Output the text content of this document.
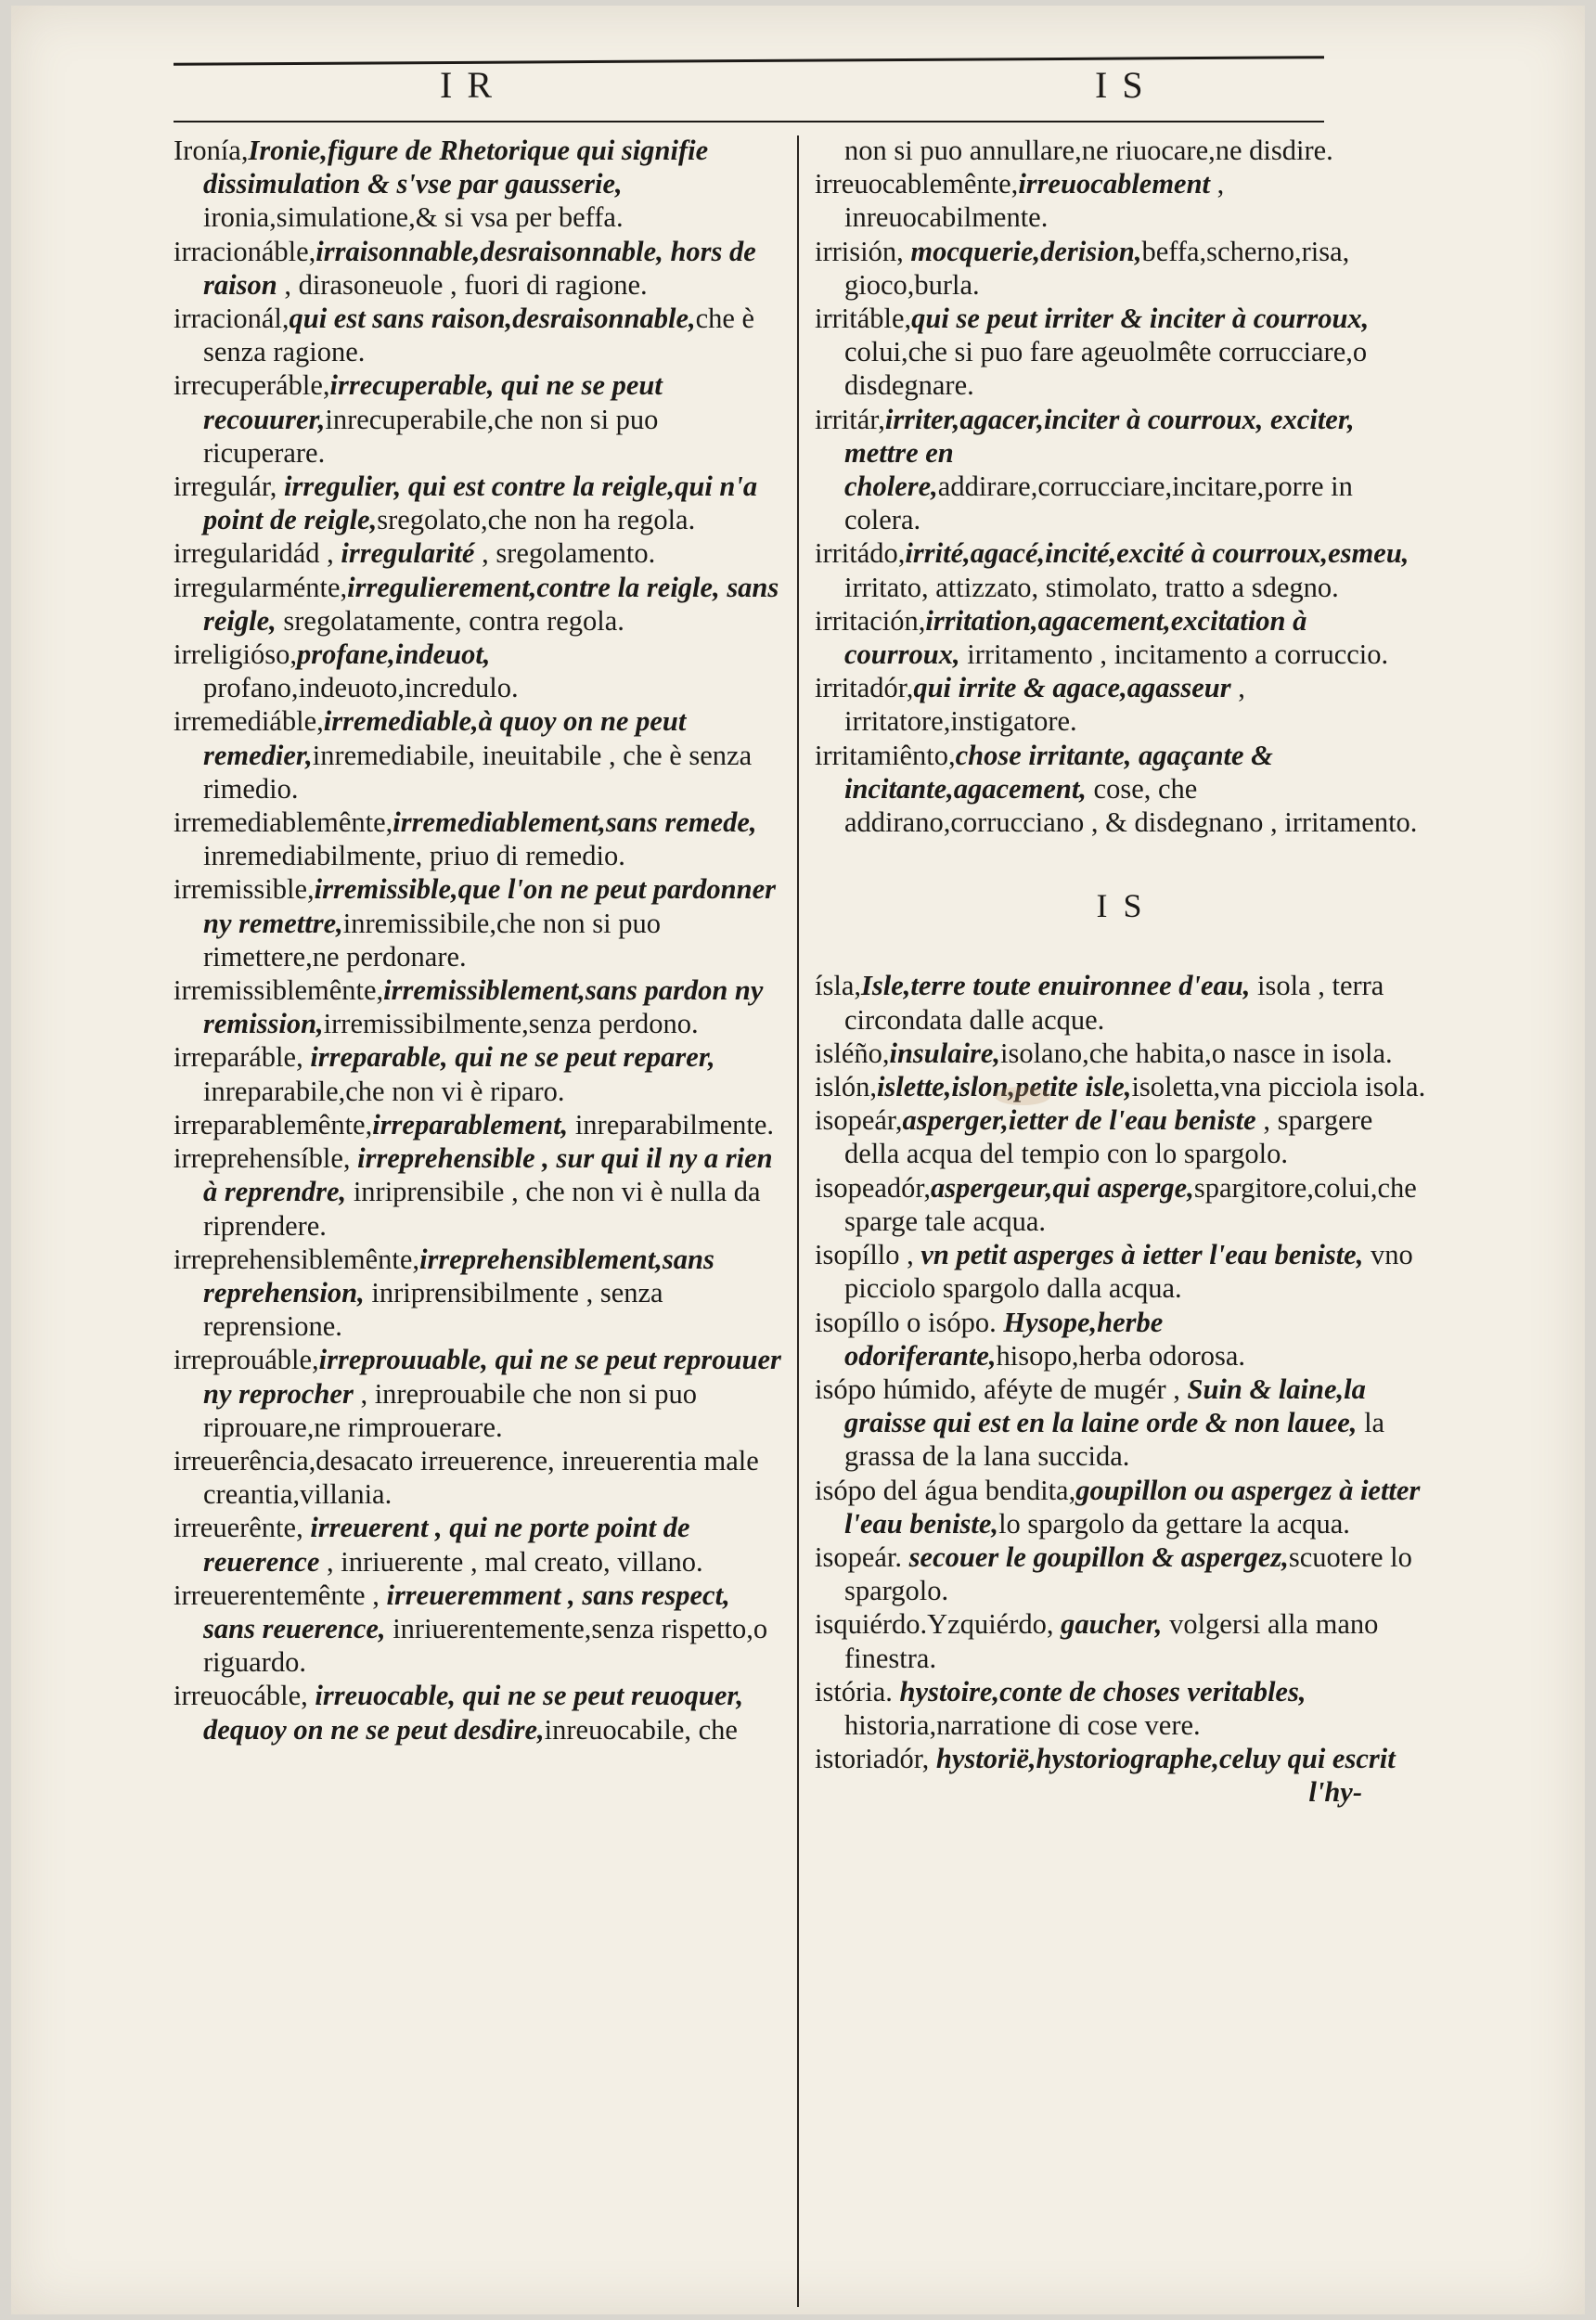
I R	I S

Ironía,Ironie,figure de Rhetorique qui signifie dissimulation & s'vse par gausserie, ironia,simulatione,& si vsa per beffa.

irracionáble,irraisonnable,desraisonnable, hors de raison , dirasoneuole , fuori di ragione.

irracionál,qui est sans raison,desraisonnable,che è senza ragione.

irrecuperáble,irrecuperable, qui ne se peut recouurer,inrecuperabile,che non si puo ricuperare.

irregulár, irregulier, qui est contre la reigle,qui n'a point de reigle,sregolato,che non ha regola.

irregularidád , irregularité , sregolamento.

irregularménte,irregulierement,contre la reigle, sans reigle, sregolatamente, contra regola.

irreligióso,profane,indeuot, profano,indeuoto,incredulo.

irremediáble,irremediable,à quoy on ne peut remedier,inremediabile, ineuitabile , che è senza rimedio.

irremediablemênte,irremediablement,sans remede, inremediabilmente, priuo di remedio.

irremissible,irremissible,que l'on ne peut pardonner ny remettre,inremissibile,che non si puo rimettere,ne perdonare.

irremissiblemênte,irremissiblement,sans pardon ny remission,irremissibilmente,senza perdono.

irreparáble, irreparable, qui ne se peut reparer, inreparabile,che non vi è riparo.

irreparablemênte,irreparablement, inreparabilmente.

irreprehensíble, irreprehensible , sur qui il ny a rien à reprendre, inriprensibile , che non vi è nulla da riprendere.

irreprehensiblemênte,irreprehensiblement,sans reprehension, inriprensibilmente , senza reprensione.

irreprouáble,irreprouuable, qui ne se peut reprouuer ny reprocher , inreprouabile che non si puo riprouare,ne rimprouerare.

irreuerência,desacato irreuerence, inreuerentia male creantia,villania.

irreuerênte, irreuerent , qui ne porte point de reuerence , inriuerente , mal creato, villano.

irreuerentemênte , irreueremment , sans respect, sans reuerence, inriuerentemente,senza rispetto,o riguardo.

irreuocáble, irreuocable, qui ne se peut reuoquer, dequoy on ne se peut desdire,inreuocabile, che

non si puo annullare,ne riuocare,ne disdire.

irreuocablemênte,irreuocablement , inreuocabilmente.

irrisión, mocquerie,derision,beffa,scherno,risa, gioco,burla.

irritáble,qui se peut irriter & inciter à courroux, colui,che si puo fare ageuolmête corrucciare,o disdegnare.

irritár,irriter,agacer,inciter à courroux, exciter, mettre en cholere,addirare,corrucciare,incitare,porre in colera.

irritádo,irrité,agacé,incité,excité à courroux,esmeu, irritato, attizzato, stimolato, tratto a sdegno.

irritación,irritation,agacement,excitation à courroux, irritamento , incitamento a corruccio.

irritadór,qui irrite & agace,agasseur , irritatore,instigatore.

irritamiênto,chose irritante, agaçante & incitante,agacement, cose, che addirano,corrucciano , & disdegnano , irritamento.

I S

ísla,Isle,terre toute enuironnee d'eau, isola , terra circondata dalle acque.

isléño,insulaire,isolano,che habita,o nasce in isola.

islón,islette,islon,petite isle,isoletta,vna picciola isola.

isopeár,asperger,ietter de l'eau beniste , spargere della acqua del tempio con lo spargolo.

isopeadór,aspergeur,qui asperge,spargitore,colui,che sparge tale acqua.

isopíllo , vn petit asperges à ietter l'eau beniste, vno picciolo spargolo dalla acqua.

isopíllo o isópo. Hysope,herbe odoriferante,hisopo,herba odorosa.

isópo húmido, aféyte de mugér , Suin & laine,la graisse qui est en la laine orde & non lauee, la grassa de la lana succida.

isópo del água bendita,goupillon ou aspergez à ietter l'eau beniste,lo spargolo da gettare la acqua.

isopeár. secouer le goupillon & aspergez,scuotere lo spargolo.

isquiérdo.Yzquiérdo, gaucher, volgersi alla mano finestra.

istória. hystoire,conte de choses veritables, historia,narratione di cose vere.

istoriadór, hystorië,hystoriographe,celuy qui escrit

l'hy-
